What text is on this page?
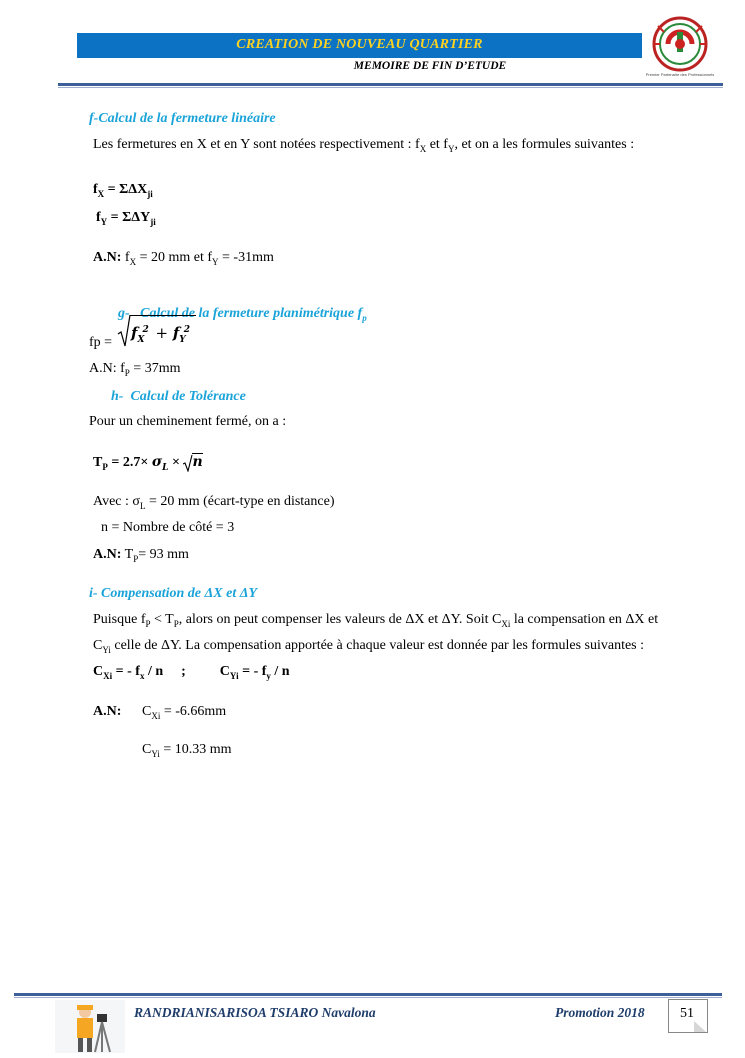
CREATION DE NOUVEAU QUARTIER
MEMOIRE DE FIN D’ETUDE
Premier Partenaire des Professionnels
f-Calcul de la fermeture linéaire
Les fermetures en X et en Y sont notées respectivement : $f_X$ et $f_Y$, et on a les formules suivantes :
$f_X = \Sigma\Delta X_{ji}$
$f_Y = \Sigma\Delta Y_{ji}$
A.N: $f_X = 20$ mm et $f_Y = -31mm$

g-   Calcul de la fermeture planimétrique $f_p$

fp =
$f_X^2 + f_Y^2$
A.N: $f_P = 37mm$
h-  Calcul de Tolérance
Pour un cheminement fermé, on a :
$T_P = 2.7\times \sigma_L$ ×
n
Avec : $\sigma_L = 20$ mm (écart-type en distance)
n = Nombre de côté = 3
A.N: $T_P= 93$ mm
i- Compensation de ΔX et ΔY
Puisque $f_P < T_P$, alors on peut compenser les valeurs de ΔX et ΔY. Soit $C_{Xi}$ la compensation en ΔX et
$C_{Yi}$ celle de ΔY. La compensation apportée à chaque valeur est donnée par les formules suivantes :
$C_{Xi}$ = - $f_x$ / n ; $C_{Yi}$ = - $f_y$ / n
A.N: $C_{Xi} = -6.66mm$
$C_{Yi} = 10.33$ mm
RANDRIANISARISOA TSIARO Navalona	Promotion 2018	51
